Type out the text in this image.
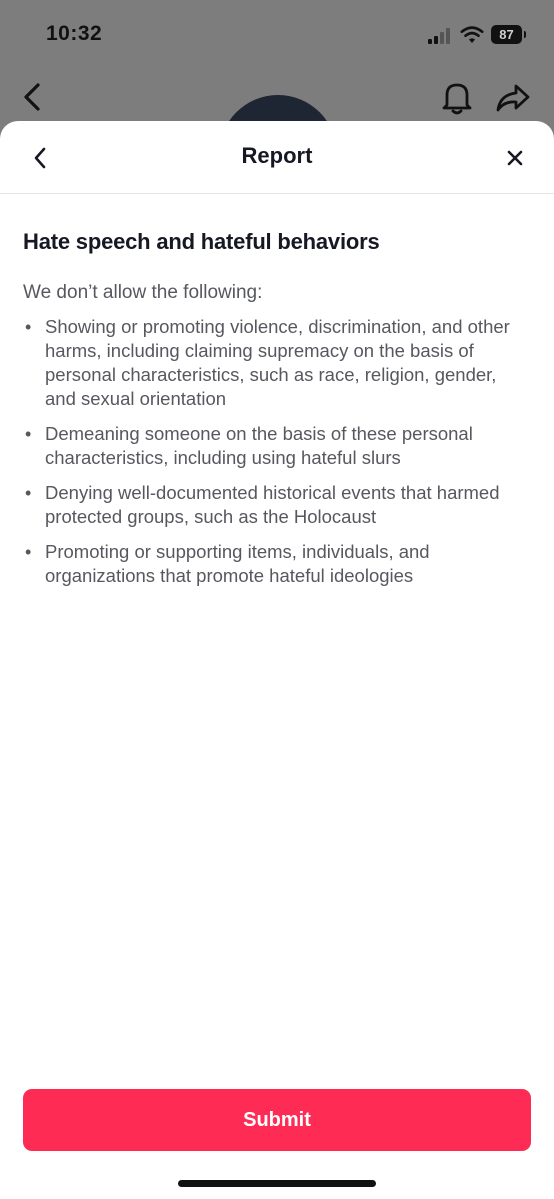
10:32	87
Report
Hate speech and hateful behaviors
We don’t allow the following:
• Showing or promoting violence, discrimination, and other harms, including claiming supremacy on the basis of personal characteristics, such as race, religion, gender, and sexual orientation
• Demeaning someone on the basis of these personal characteristics, including using hateful slurs
• Denying well-documented historical events that harmed protected groups, such as the Holocaust
• Promoting or supporting items, individuals, and organizations that promote hateful ideologies
Submit
